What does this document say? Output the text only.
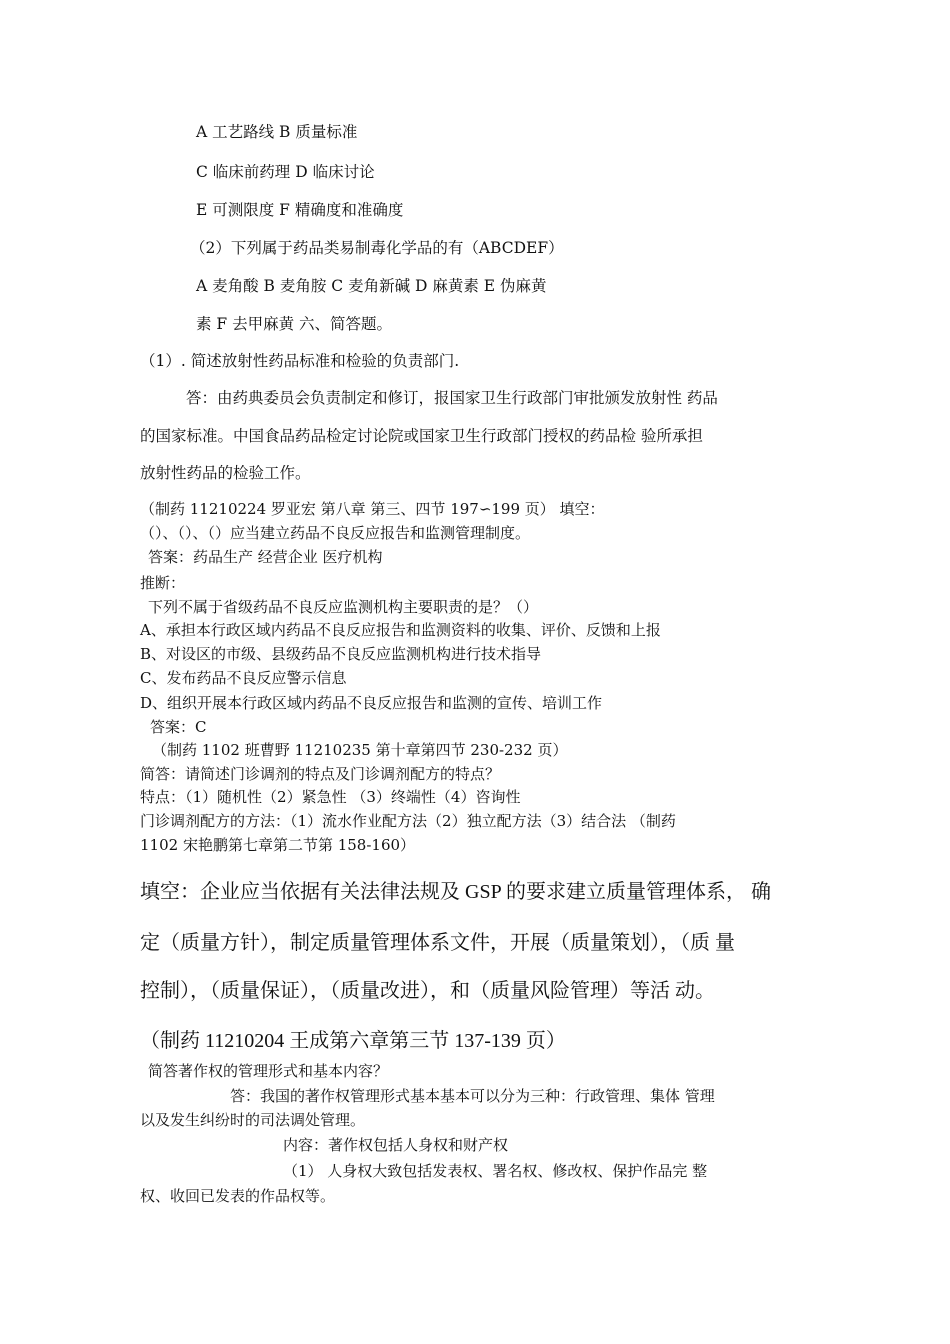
A 工艺路线 B 质量标准
C 临床前药理 D 临床讨论
E 可测限度 F 精确度和准确度
（2）下列属于药品类易制毒化学品的有（ABCDEF）
A 麦角酸 B 麦角胺 C 麦角新碱 D 麻黄素 E 伪麻黄
素 F 去甲麻黄 六、简答题。
（1）. 简述放射性药品标准和检验的负责部门.
答：由药典委员会负责制定和修订，报国家卫生行政部门审批颁发放射性 药品
的国家标准。中国食品药品检定讨论院或国家卫生行政部门授权的药品检 验所承担
放射性药品的检验工作。
（制药 11210224 罗亚宏 第八章 第三、四节 197∽199 页） 填空：
（）、（）、（）应当建立药品不良反应报告和监测管理制度。
答案：药品生产 经营企业 医疗机构
推断：
下列不属于省级药品不良反应监测机构主要职责的是？（）
A、承担本行政区域内药品不良反应报告和监测资料的收集、评价、反馈和上报
B、对设区的市级、县级药品不良反应监测机构进行技术指导
C、发布药品不良反应警示信息
D、组织开展本行政区域内药品不良反应报告和监测的宣传、培训工作
答案：C
（制药 1102 班曹野 11210235 第十章第四节 230-232 页）
简答：请简述门诊调剂的特点及门诊调剂配方的特点？
特点：（1）随机性（2）紧急性 （3）终端性（4）咨询性
门诊调剂配方的方法：（1）流水作业配方法（2）独立配方法（3）结合法 （制药
1102 宋艳鹏第七章第二节第 158-160）
填空：企业应当依据有关法律法规及 GSP 的要求建立质量管理体系， 确
定（质量方针），制定质量管理体系文件，开展（质量策划），（质 量
控制），（质量保证），（质量改进），和（质量风险管理）等活 动。
（制药 11210204 王成第六章第三节 137-139 页）
简答著作权的管理形式和基本内容？
答：我国的著作权管理形式基本基本可以分为三种：行政管理、集体 管理
以及发生纠纷时的司法调处管理。
内容：著作权包括人身权和财产权
（1） 人身权大致包括发表权、署名权、修改权、保护作品完 整
权、收回已发表的作品权等。
